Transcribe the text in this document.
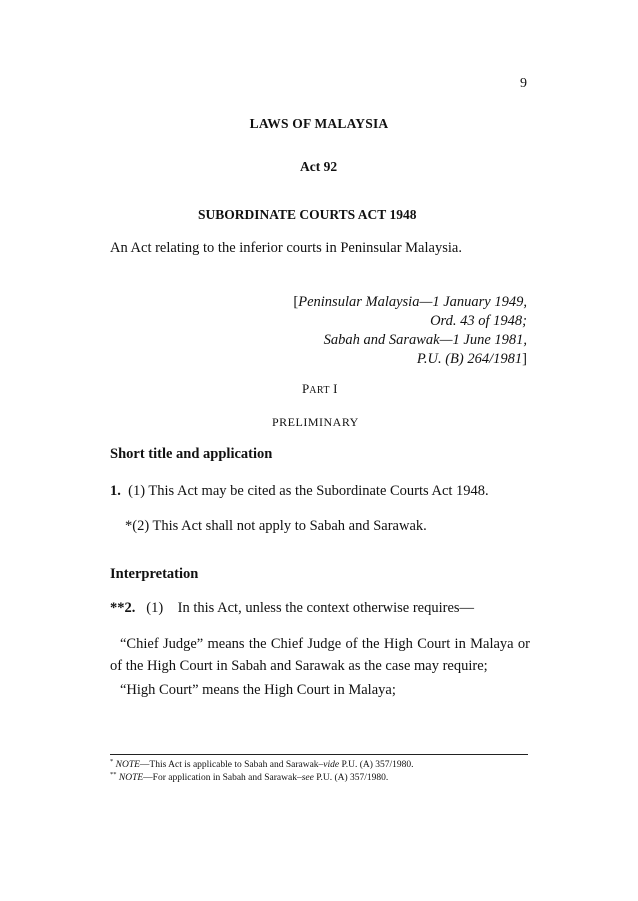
9
LAWS OF MALAYSIA
Act 92
SUBORDINATE COURTS ACT 1948
An Act relating to the inferior courts in Peninsular Malaysia.
[Peninsular Malaysia—1 January 1949,
Ord. 43 of 1948;
Sabah and Sarawak—1 June 1981,
P.U. (B) 264/1981]
PART I
PRELIMINARY
Short title and application
1. (1) This Act may be cited as the Subordinate Courts Act 1948.
*(2) This Act shall not apply to Sabah and Sarawak.
Interpretation
**2. (1) In this Act, unless the context otherwise requires—
“Chief Judge” means the Chief Judge of the High Court in Malaya or of the High Court in Sabah and Sarawak as the case may require;
“High Court” means the High Court in Malaya;
* NOTE—This Act is applicable to Sabah and Sarawak–vide P.U. (A) 357/1980.
** NOTE—For application in Sabah and Sarawak–see P.U. (A) 357/1980.
